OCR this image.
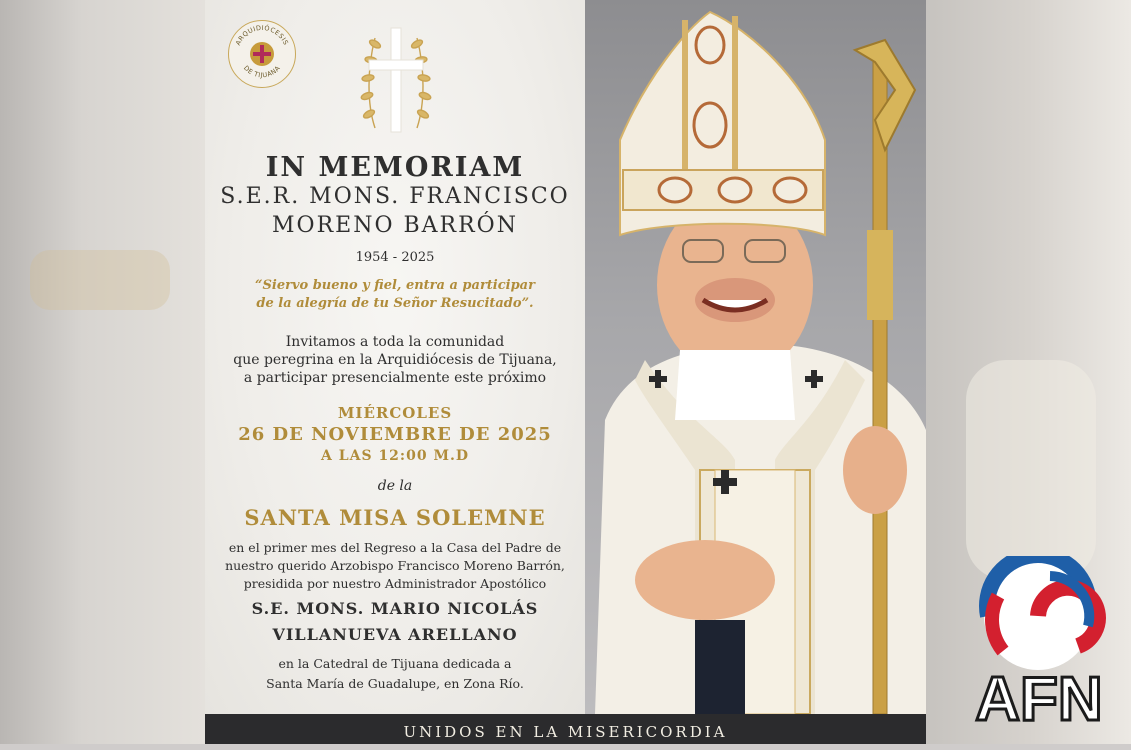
ARQUIDIÓCESIS
DE TIJUANA
IN MEMORIAM
S.E.R. MONS. FRANCISCO
MORENO BARRÓN
1954 - 2025
“Siervo bueno y fiel, entra a participar
de la alegría de tu Señor Resucitado”.
Invitamos a toda la comunidad
que peregrina en la Arquidiócesis de Tijuana,
a participar presencialmente este próximo
MIÉRCOLES
26 DE NOVIEMBRE DE 2025
A LAS 12:00 M.D
de la
SANTA MISA SOLEMNE
en el primer mes del Regreso a la Casa del Padre de
nuestro querido Arzobispo Francisco Moreno Barrón,
presidida por nuestro Administrador Apostólico
S.E. MONS. MARIO NICOLÁS
VILLANUEVA ARELLANO
en la Catedral de Tijuana dedicada a
Santa María de Guadalupe, en Zona Río.
UNIDOS EN LA MISERICORDIA	AFN
